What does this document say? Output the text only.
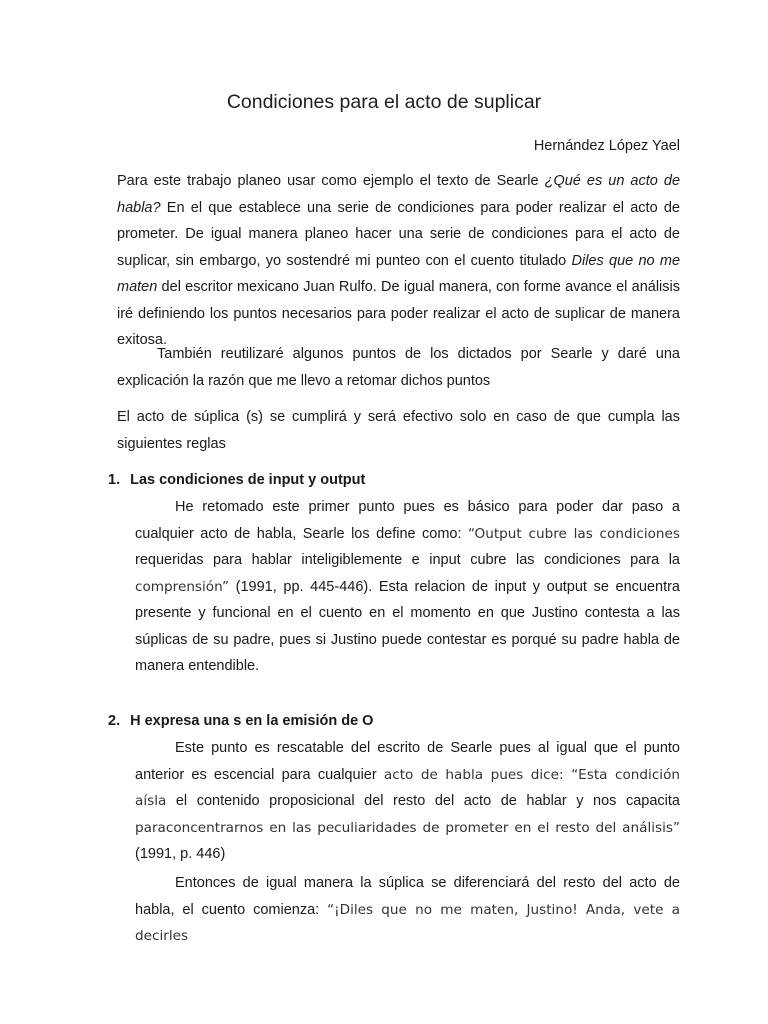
Condiciones para el acto de suplicar
Hernández López Yael

Para este trabajo planeo usar como ejemplo el texto de Searle ¿Qué es un acto de habla? En el que establece una serie de condiciones para poder realizar el acto de prometer. De igual manera planeo hacer una serie de condiciones para el acto de suplicar, sin embargo, yo sostendré mi punteo con el cuento titulado Diles que no me maten del escritor mexicano Juan Rulfo. De igual manera, con forme avance el análisis iré definiendo los puntos necesarios para poder realizar el acto de suplicar de manera exitosa.

También reutilizaré algunos puntos de los dictados por Searle y daré una explicación la razón que me llevo a retomar dichos puntos

El acto de súplica (s) se cumplirá y será efectivo solo en caso de que cumpla las siguientes reglas

1. Las condiciones de input y output

He retomado este primer punto pues es básico para poder dar paso a cualquier acto de habla, Searle los define como: “Output cubre las condiciones requeridas para hablar inteligiblemente e input cubre las condiciones para la comprensión” (1991, pp. 445-446). Esta relacion de input y output se encuentra presente y funcional en el cuento en el momento en que Justino contesta a las súplicas de su padre, pues si Justino puede contestar es porqué su padre habla de manera entendible.

2. H expresa una s en la emisión de O

Este punto es rescatable del escrito de Searle pues al igual que el punto anterior es escencial para cualquier acto de habla pues dice: “Esta condición aísla el contenido proposicional del resto del acto de hablar y nos capacita paraconcentrarnos en las peculiaridades de prometer en el resto del análisis” (1991, p. 446)

Entonces de igual manera la súplica se diferenciará del resto del acto de habla, el cuento comienza: “¡Diles que no me maten, Justino! Anda, vete a decirles
